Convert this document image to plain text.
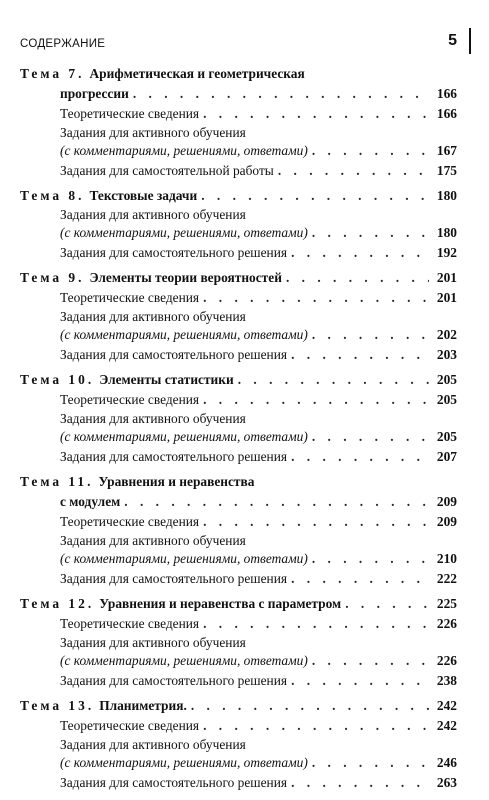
СОДЕРЖАНИЕ	5
Тема 7. Арифметическая и геометрическая
прогрессии . . .	166
Теоретические сведения . . .	166
Задания для активного обучения
(с комментариями, решениями, ответами) . . .	167
Задания для самостоятельной работы . . .	175
Тема 8. Текстовые задачи . . .	180
Задания для активного обучения
(с комментариями, решениями, ответами) . . .	180
Задания для самостоятельного решения . . .	192
Тема 9. Элементы теории вероятностей . . .	201
Теоретические сведения . . .	201
Задания для активного обучения
(с комментариями, решениями, ответами) . . .	202
Задания для самостоятельного решения . . .	203
Тема 10. Элементы статистики . . .	205
Теоретические сведения . . .	205
Задания для активного обучения
(с комментариями, решениями, ответами) . . .	205
Задания для самостоятельного решения . . .	207
Тема 11. Уравнения и неравенства
с модулем . . .	209
Теоретические сведения . . .	209
Задания для активного обучения
(с комментариями, решениями, ответами) . . .	210
Задания для самостоятельного решения . . .	222
Тема 12. Уравнения и неравенства с параметром . . .	225
Теоретические сведения . . .	226
Задания для активного обучения
(с комментариями, решениями, ответами) . . .	226
Задания для самостоятельного решения . . .	238
Тема 13. Планиметрия. . . .	242
Теоретические сведения . . .	242
Задания для активного обучения
(с комментариями, решениями, ответами) . . .	246
Задания для самостоятельного решения . . .	263
